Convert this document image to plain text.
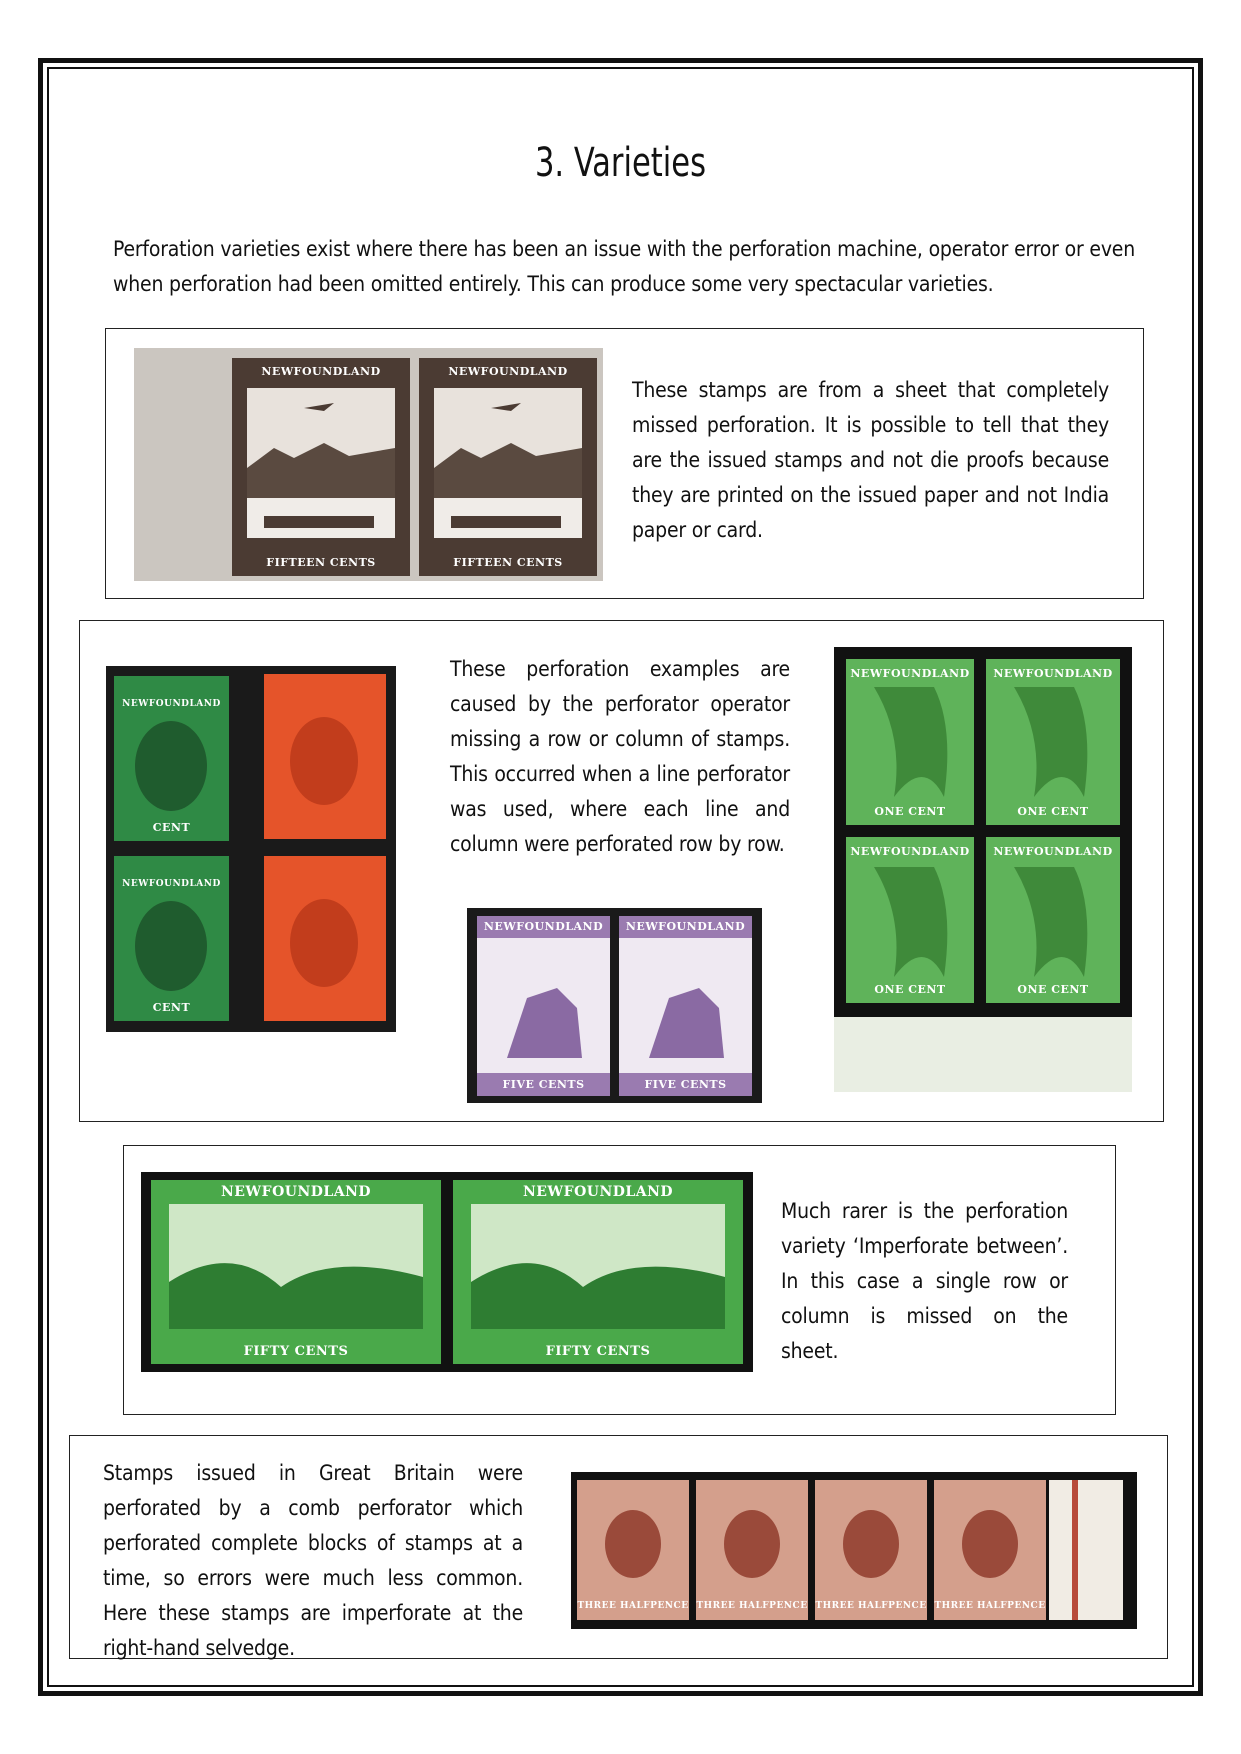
3. Varieties
Perforation varieties exist where there has been an issue with the perforation machine, operator error or even when perforation had been omitted entirely. This can produce some very spectacular varieties.
NEWFOUNDLAND	NEWFOUNDLAND
FIFTEEN CENTS	FIFTEEN CENTS
These stamps are from a sheet that completely missed perforation. It is possible to tell that they are the issued stamps and not die proofs because they are printed on the issued paper and not India paper or card.
NEWFOUNDLAND
NEWFOUNDLAND
CENT
CENT
These perforation examples are caused by the perforator operator missing a row or column of stamps. This occurred when a line perforator was used, where each line and column were perforated row by row.
NEWFOUNDLAND	NEWFOUNDLAND
FIVE CENTS	FIVE CENTS
NEWFOUNDLAND	NEWFOUNDLAND
NEWFOUNDLAND	NEWFOUNDLAND
ONE CENT	ONE CENT
ONE CENT	ONE CENT
NEWFOUNDLAND	NEWFOUNDLAND
FIFTY CENTS	FIFTY CENTS
Much rarer is the perforation variety ‘Imperforate between’. In this case a single row or column is missed on the sheet.
Stamps issued in Great Britain were perforated by a comb perforator which perforated complete blocks of stamps at a time, so errors were much less common. Here these stamps are imperforate at the right-hand selvedge.
THREE HALFPENCE THREE HALFPENCE THREE HALFPENCE THREE HALFPENCE
